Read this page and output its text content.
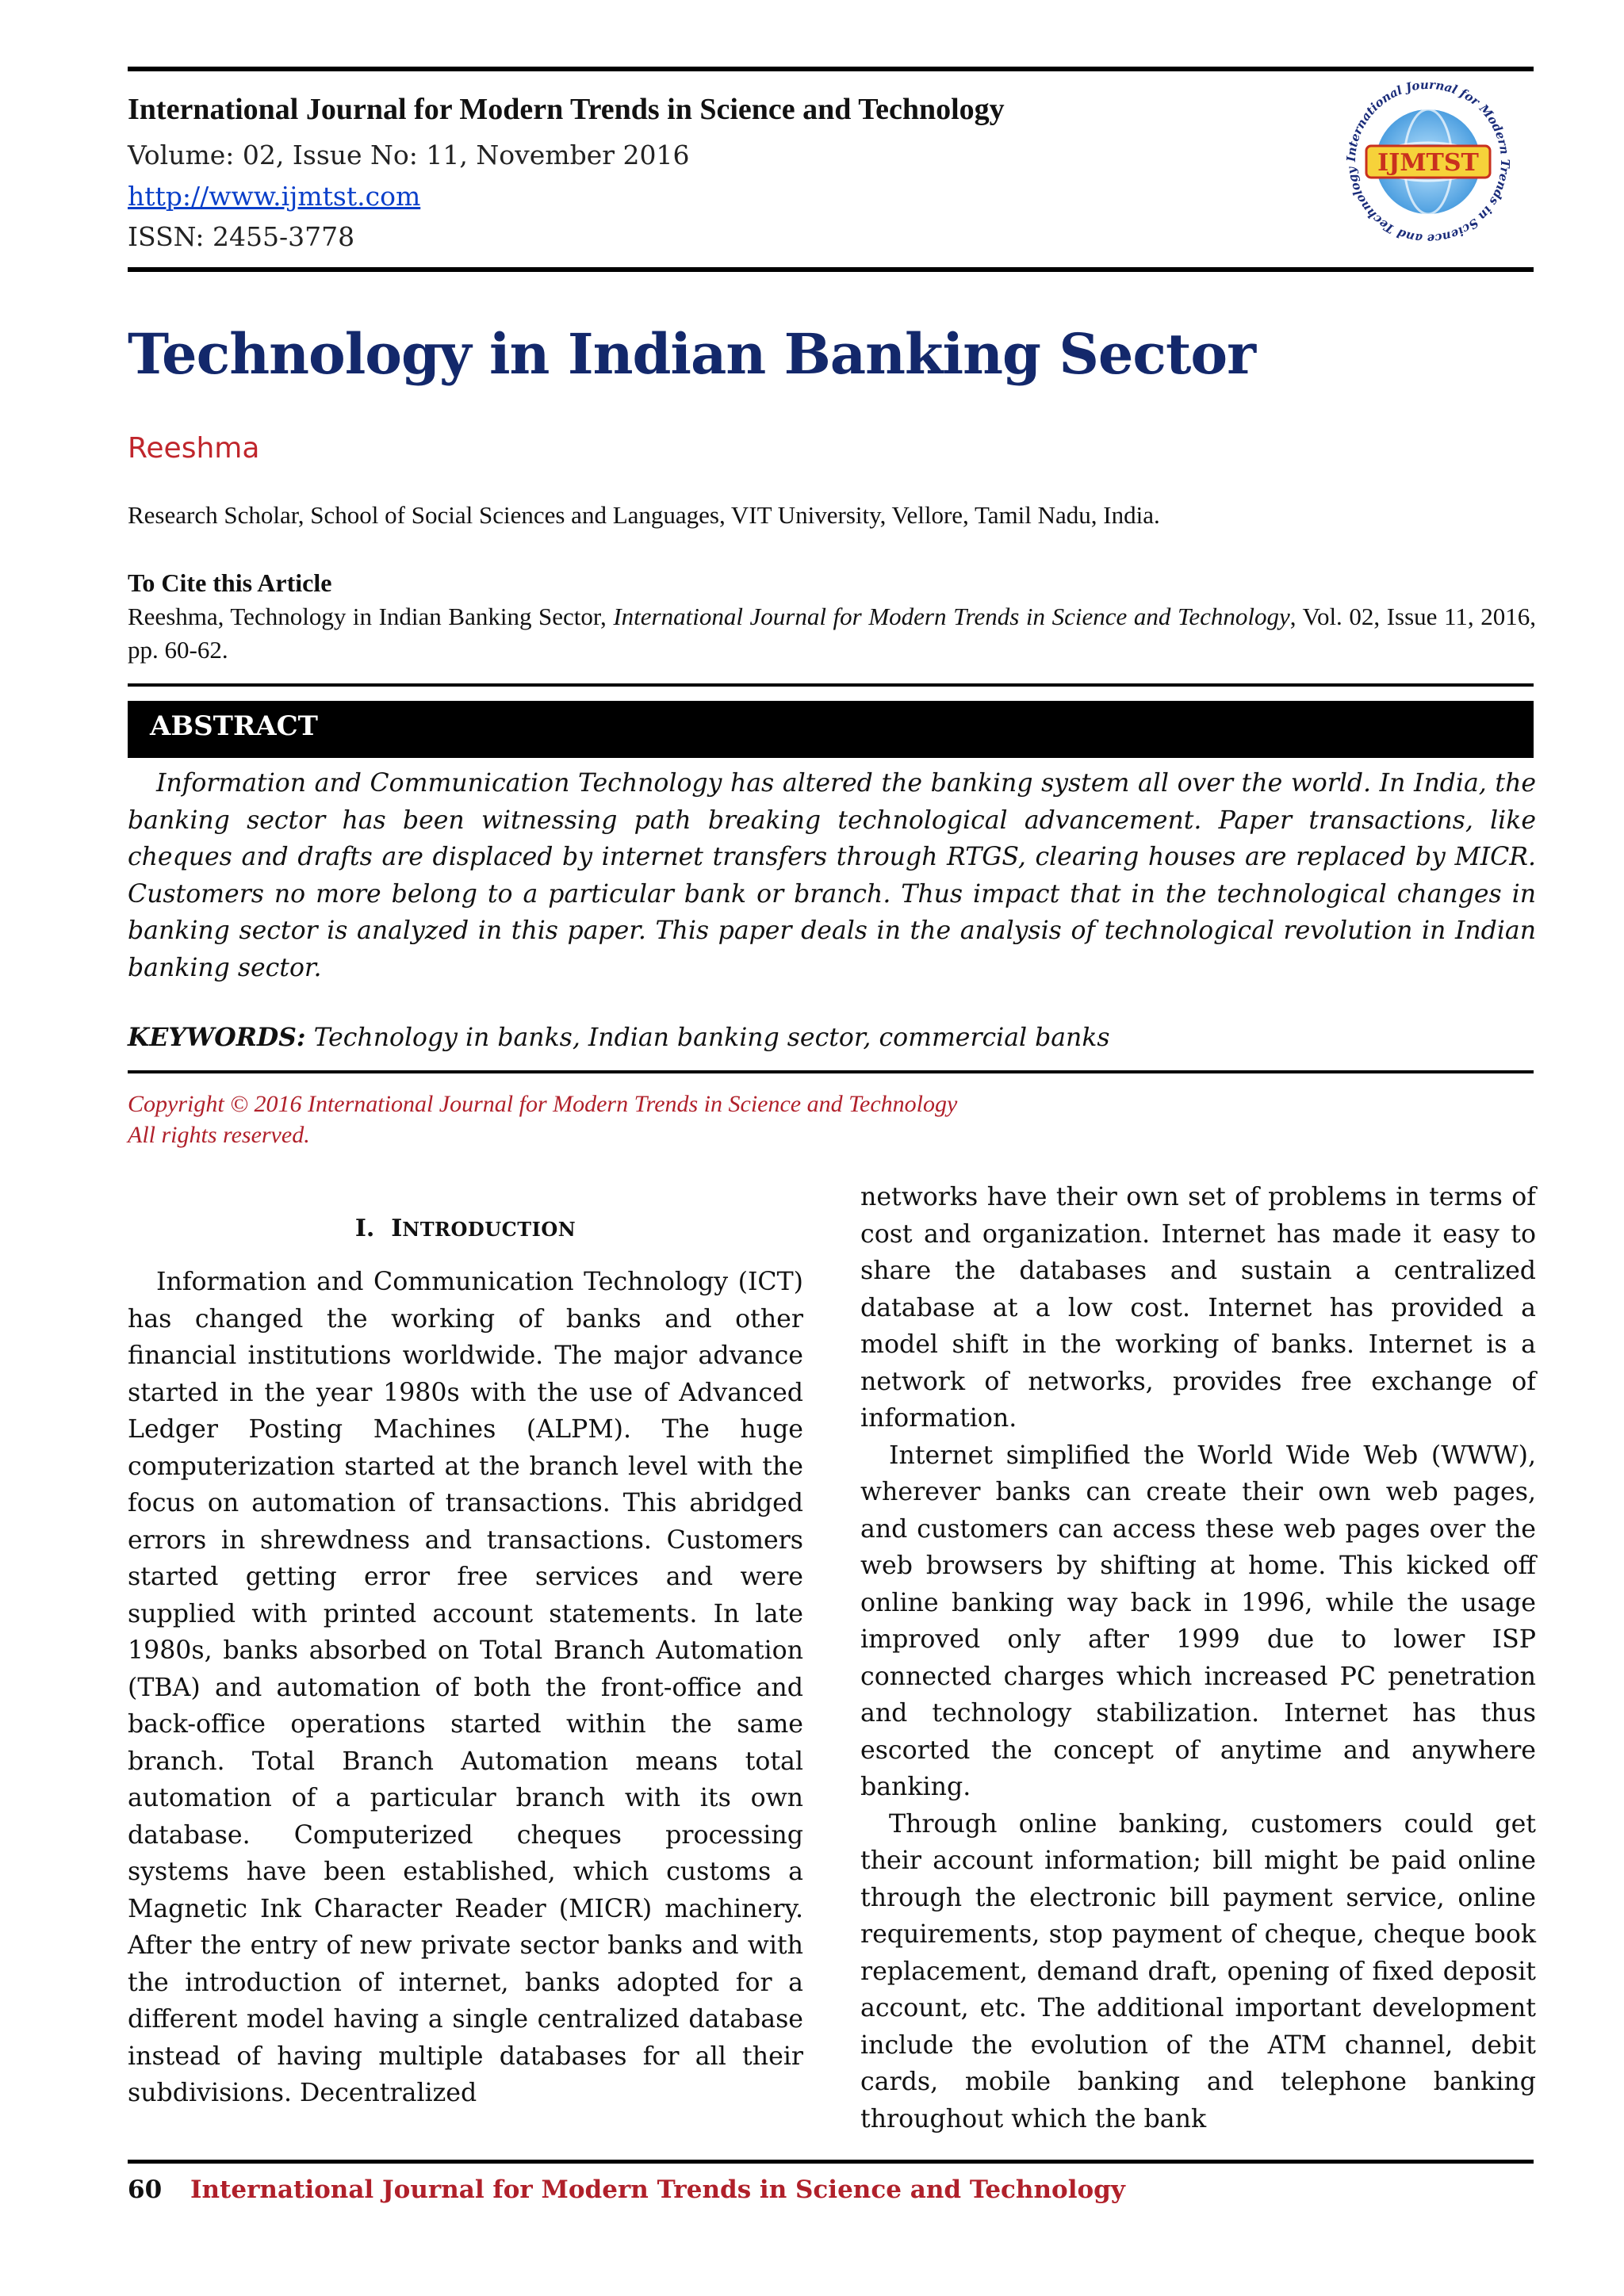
International Journal for Modern Trends in Science and Technology
Volume: 02, Issue No: 11, November 2016
http://www.ijmtst.com
ISSN: 2455-3778
IJMTST
International Journal for Modern Trends in Science and Technology
Technology in Indian Banking Sector
Reeshma
Research Scholar, School of Social Sciences and Languages, VIT University, Vellore, Tamil Nadu, India.
To Cite this Article
Reeshma, Technology in Indian Banking Sector, International Journal for Modern Trends in Science and Technology, Vol. 02, Issue 11, 2016, pp. 60-62.
ABSTRACT
Information and Communication Technology has altered the banking system all over the world. In India, the banking sector has been witnessing path breaking technological advancement. Paper transactions, like cheques and drafts are displaced by internet transfers through RTGS, clearing houses are replaced by MICR. Customers no more belong to a particular bank or branch. Thus impact that in the technological changes in banking sector is analyzed in this paper. This paper deals in the analysis of technological revolution in Indian banking sector.
KEYWORDS: Technology in banks, Indian banking sector, commercial banks
Copyright © 2016 International Journal for Modern Trends in Science and Technology
All rights reserved.
I. INTRODUCTION

Information and Communication Technology (ICT) has changed the working of banks and other financial institutions worldwide. The major advance started in the year 1980s with the use of Advanced Ledger Posting Machines (ALPM). The huge computerization started at the branch level with the focus on automation of transactions. This abridged errors in shrewdness and transactions. Customers started getting error free services and were supplied with printed account statements. In late 1980s, banks absorbed on Total Branch Automation (TBA) and automation of both the front-office and back-office operations started within the same branch. Total Branch Automation means total automation of a particular branch with its own database. Computerized cheques processing systems have been established, which customs a Magnetic Ink Character Reader (MICR) machinery. After the entry of new private sector banks and with the introduction of internet, banks adopted for a different model having a single centralized database instead of having multiple databases for all their subdivisions. Decentralized

networks have their own set of problems in terms of cost and organization. Internet has made it easy to share the databases and sustain a centralized database at a low cost. Internet has provided a model shift in the working of banks. Internet is a network of networks, provides free exchange of information.

Internet simplified the World Wide Web (WWW), wherever banks can create their own web pages, and customers can access these web pages over the web browsers by shifting at home. This kicked off online banking way back in 1996, while the usage improved only after 1999 due to lower ISP connected charges which increased PC penetration and technology stabilization. Internet has thus escorted the concept of anytime and anywhere banking.

Through online banking, customers could get their account information; bill might be paid online through the electronic bill payment service, online requirements, stop payment of cheque, cheque book replacement, demand draft, opening of fixed deposit account, etc. The additional important development include the evolution of the ATM channel, debit cards, mobile banking and telephone banking throughout which the bank

60 International Journal for Modern Trends in Science and Technology
